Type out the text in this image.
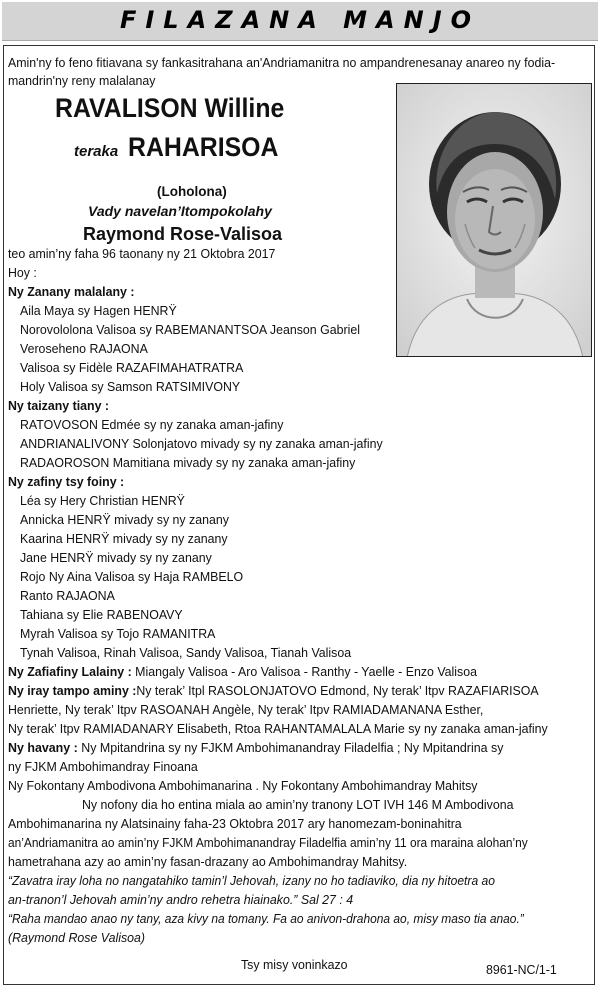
FILAZANA MANJO
Amin'ny fo feno fitiavana sy fankasitrahana an'Andriamanitra no ampandrenesanay anareo ny fodia-
mandrin'ny reny malalanay
RAVALISON Willine
teraka RAHARISOA
(Loholona)
Vady navelan’Itompokolahy
Raymond Rose-Valisoa
teo amin’ny faha 96 taonany ny 21 Oktobra 2017
Hoy :
Ny Zanany malalany :
Aila Maya sy Hagen HENRŸ
Norovololona Valisoa sy RABEMANANTSOA Jeanson Gabriel
Veroseheno RAJAONA
Valisoa sy Fidèle RAZAFIMAHATRATRA
Holy Valisoa sy Samson RATSIMIVONY
Ny taizany tiany :
RATOVOSON Edmée sy ny zanaka aman-jafiny
ANDRIANALIVONY Solonjatovo mivady sy ny zanaka aman-jafiny
RADAOROSON Mamitiana mivady sy ny zanaka aman-jafiny
Ny zafiny tsy foiny :
Léa sy Hery Christian HENRŸ
Annicka HENRŸ mivady sy ny zanany
Kaarina HENRŸ mivady sy ny zanany
Jane HENRŸ mivady sy ny zanany
Rojo Ny Aina Valisoa sy Haja RAMBELO
Ranto RAJAONA
Tahiana sy Elie RABENOAVY
Myrah Valisoa sy Tojo RAMANITRA
Tynah Valisoa, Rinah Valisoa, Sandy Valisoa, Tianah Valisoa
Ny Zafiafiny Lalainy : Miangaly Valisoa - Aro Valisoa - Ranthy - Yaelle - Enzo Valisoa
Ny iray tampo aminy :Ny terak’ Itpl RASOLONJATOVO Edmond, Ny terak’ Itpv RAZAFIARISOA
Henriette, Ny terak’ Itpv RASOANAH Angèle, Ny terak’ Itpv RAMIADAMANANA Esther,
Ny terak’ Itpv RAMIADANARY Elisabeth, Rtoa RAHANTAMALALA Marie sy ny zanaka aman-jafiny
Ny havany : Ny Mpitandrina sy ny FJKM Ambohimanandray Filadelfia ; Ny Mpitandrina sy
ny FJKM Ambohimandray Finoana
Ny Fokontany Ambodivona Ambohimanarina . Ny Fokontany Ambohimandray Mahitsy
Ny nofony dia ho entina miala ao amin’ny tranony LOT IVH 146 M Ambodivona
Ambohimanarina ny Alatsinainy faha-23 Oktobra 2017 ary hanomezam-boninahitra
an’Andriamanitra ao amin’ny FJKM Ambohimanandray Filadelfia amin’ny 11 ora maraina alohan’ny
hametrahana azy ao amin’ny fasan-drazany ao Ambohimandray Mahitsy.
“Zavatra iray loha no nangatahiko tamin’l Jehovah, izany no ho tadiaviko, dia ny hitoetra ao
an-tranon’l Jehovah amin’ny andro rehetra hiainako.” Sal 27 : 4
“Raha mandao anao ny tany, aza kivy na tomany. Fa ao anivon-drahona ao, misy maso tia anao.”
(Raymond Rose Valisoa)
Tsy misy voninkazo	8961-NC/1-1
